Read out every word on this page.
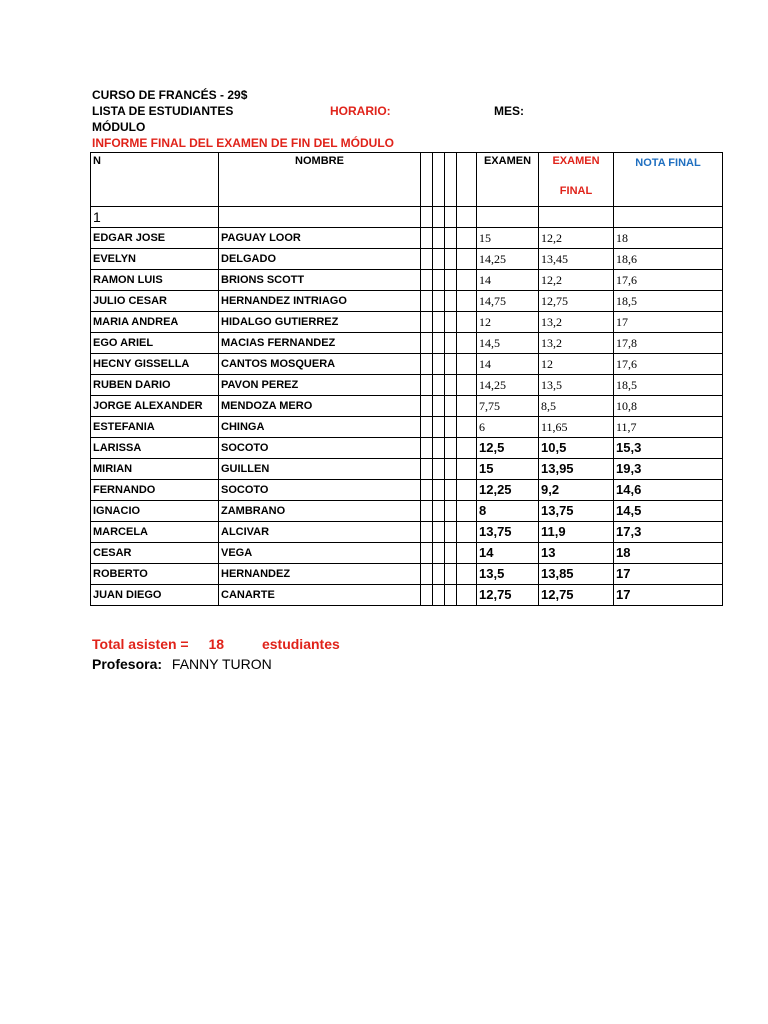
CURSO DE FRANCÉS - 29$
LISTA DE ESTUDIANTES	HORARIO:	MES:
MÓDULO
INFORME FINAL DEL EXAMEN DE FIN DEL MÓDULO
N	NOMBRE					EXAMEN	EXAMEN
FINAL	NOTA FINAL
1								
EDGAR JOSE	PAGUAY LOOR					15	12,2	18
EVELYN	DELGADO					14,25	13,45	18,6
RAMON LUIS	BRIONS SCOTT					14	12,2	17,6
JULIO CESAR	HERNANDEZ INTRIAGO					14,75	12,75	18,5
MARIA ANDREA	HIDALGO GUTIERREZ					12	13,2	17
EGO ARIEL	MACIAS FERNANDEZ					14,5	13,2	17,8
HECNY GISSELLA	CANTOS MOSQUERA					14	12	17,6
RUBEN DARIO	PAVON PEREZ					14,25	13,5	18,5
JORGE ALEXANDER	MENDOZA MERO					7,75	8,5	10,8
ESTEFANIA	CHINGA					6	11,65	11,7
LARISSA	SOCOTO					12,5	10,5	15,3
MIRIAN	GUILLEN					15	13,95	19,3
FERNANDO	SOCOTO					12,25	9,2	14,6
IGNACIO	ZAMBRANO					8	13,75	14,5
MARCELA	ALCIVAR					13,75	11,9	17,3
CESAR	VEGA					14	13	18
ROBERTO	HERNANDEZ					13,5	13,85	17
JUAN DIEGO	CANARTE					12,75	12,75	17
Total asisten = 18	estudiantes
Profesora: FANNY TURON
